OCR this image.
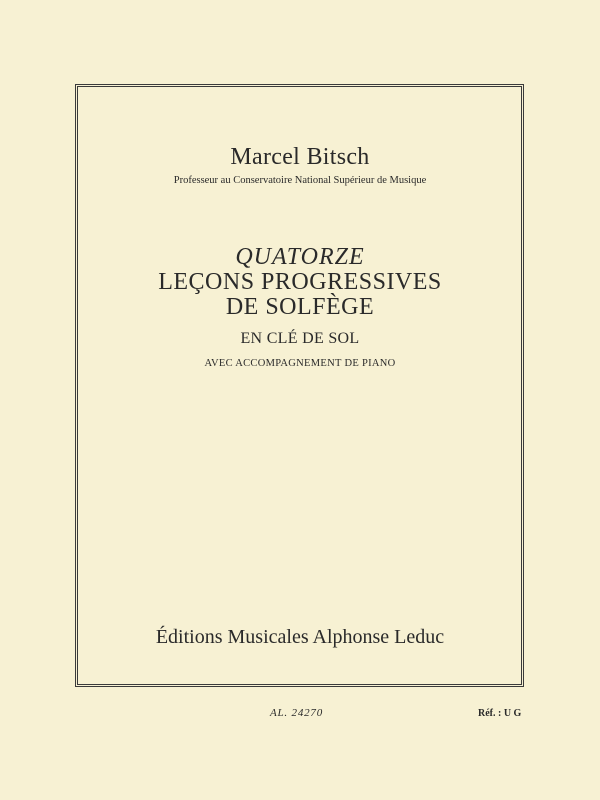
Marcel Bitsch

Professeur au Conservatoire National Supérieur de Musique

QUATORZE

LEÇONS PROGRESSIVES

DE SOLFÈGE

EN CLÉ DE SOL

AVEC ACCOMPAGNEMENT DE PIANO

Éditions Musicales Alphonse Leduc

AL. 24270	Réf. : U G
